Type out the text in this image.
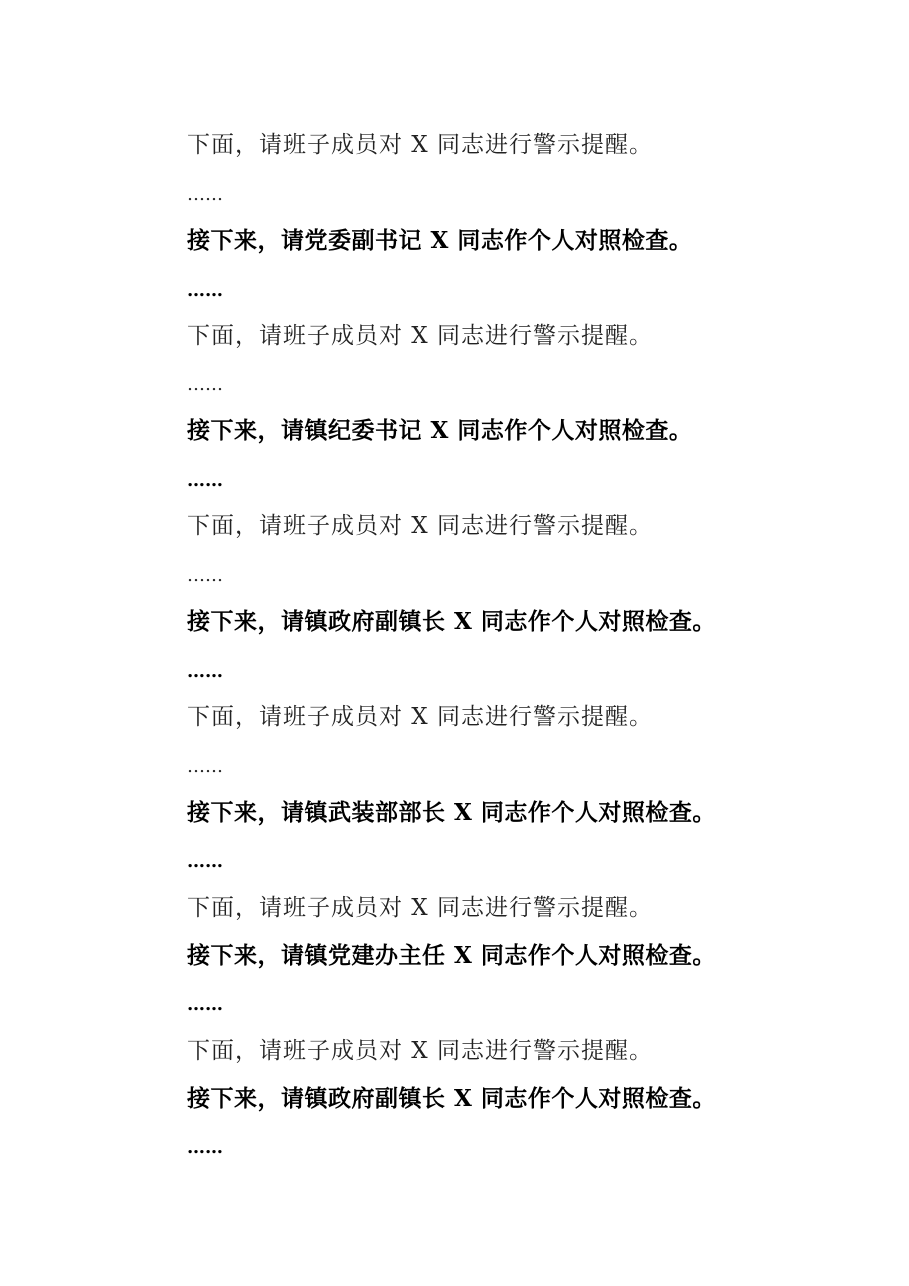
下面，请班子成员对 X 同志进行警示提醒。
……
接下来，请党委副书记 X 同志作个人对照检查。
……
下面，请班子成员对 X 同志进行警示提醒。
……
接下来，请镇纪委书记 X 同志作个人对照检查。
……
下面，请班子成员对 X 同志进行警示提醒。
……
接下来，请镇政府副镇长 X 同志作个人对照检查。
……
下面，请班子成员对 X 同志进行警示提醒。
……
接下来，请镇武装部部长 X 同志作个人对照检查。
……
下面，请班子成员对 X 同志进行警示提醒。
接下来，请镇党建办主任 X 同志作个人对照检查。
……
下面，请班子成员对 X 同志进行警示提醒。
接下来，请镇政府副镇长 X 同志作个人对照检查。
……
